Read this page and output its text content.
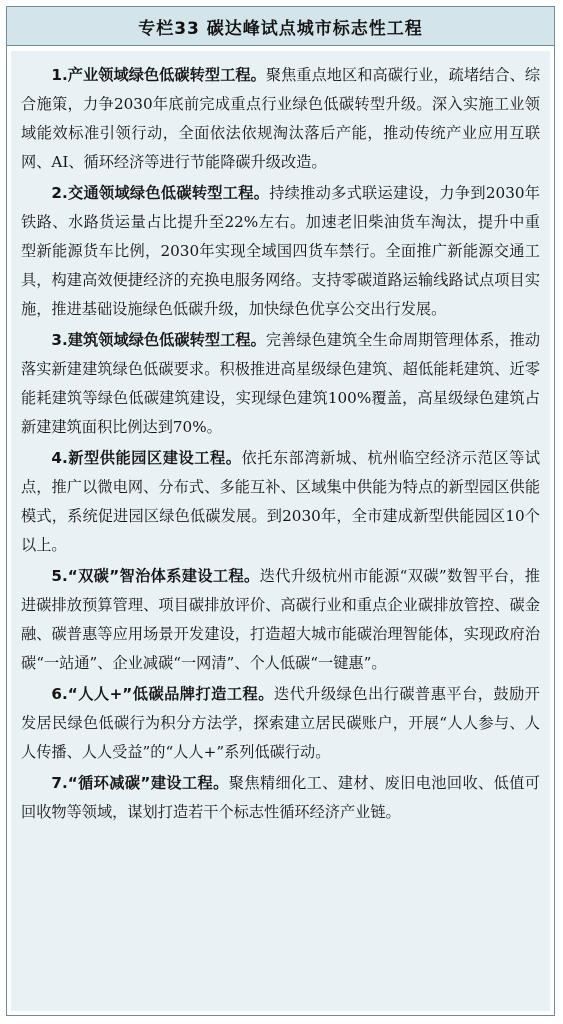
专栏33 碳达峰试点城市标志性工程

1.产业领域绿色低碳转型工程。聚焦重点地区和高碳行业，疏堵结合、综合施策，力争2030年底前完成重点行业绿色低碳转型升级。深入实施工业领域能效标准引领行动，全面依法依规淘汰落后产能，推动传统产业应用互联网、AI、循环经济等进行节能降碳升级改造。

2.交通领域绿色低碳转型工程。持续推动多式联运建设，力争到2030年铁路、水路货运量占比提升至22%左右。加速老旧柴油货车淘汰，提升中重型新能源货车比例，2030年实现全域国四货车禁行。全面推广新能源交通工具，构建高效便捷经济的充换电服务网络。支持零碳道路运输线路试点项目实施，推进基础设施绿色低碳升级，加快绿色优享公交出行发展。

3.建筑领域绿色低碳转型工程。完善绿色建筑全生命周期管理体系，推动落实新建建筑绿色低碳要求。积极推进高星级绿色建筑、超低能耗建筑、近零能耗建筑等绿色低碳建筑建设，实现绿色建筑100%覆盖，高星级绿色建筑占新建建筑面积比例达到70%。

4.新型供能园区建设工程。依托东部湾新城、杭州临空经济示范区等试点，推广以微电网、分布式、多能互补、区域集中供能为特点的新型园区供能模式，系统促进园区绿色低碳发展。到2030年，全市建成新型供能园区10个以上。

5.“双碳”智治体系建设工程。迭代升级杭州市能源“双碳”数智平台，推进碳排放预算管理、项目碳排放评价、高碳行业和重点企业碳排放管控、碳金融、碳普惠等应用场景开发建设，打造超大城市能碳治理智能体，实现政府治碳“一站通”、企业减碳“一网清”、个人低碳“一键惠”。

6.“人人+”低碳品牌打造工程。迭代升级绿色出行碳普惠平台，鼓励开发居民绿色低碳行为积分方法学，探索建立居民碳账户，开展“人人参与、人人传播、人人受益”的“人人+”系列低碳行动。

7.“循环减碳”建设工程。聚焦精细化工、建材、废旧电池回收、低值可回收物等领域，谋划打造若干个标志性循环经济产业链。
